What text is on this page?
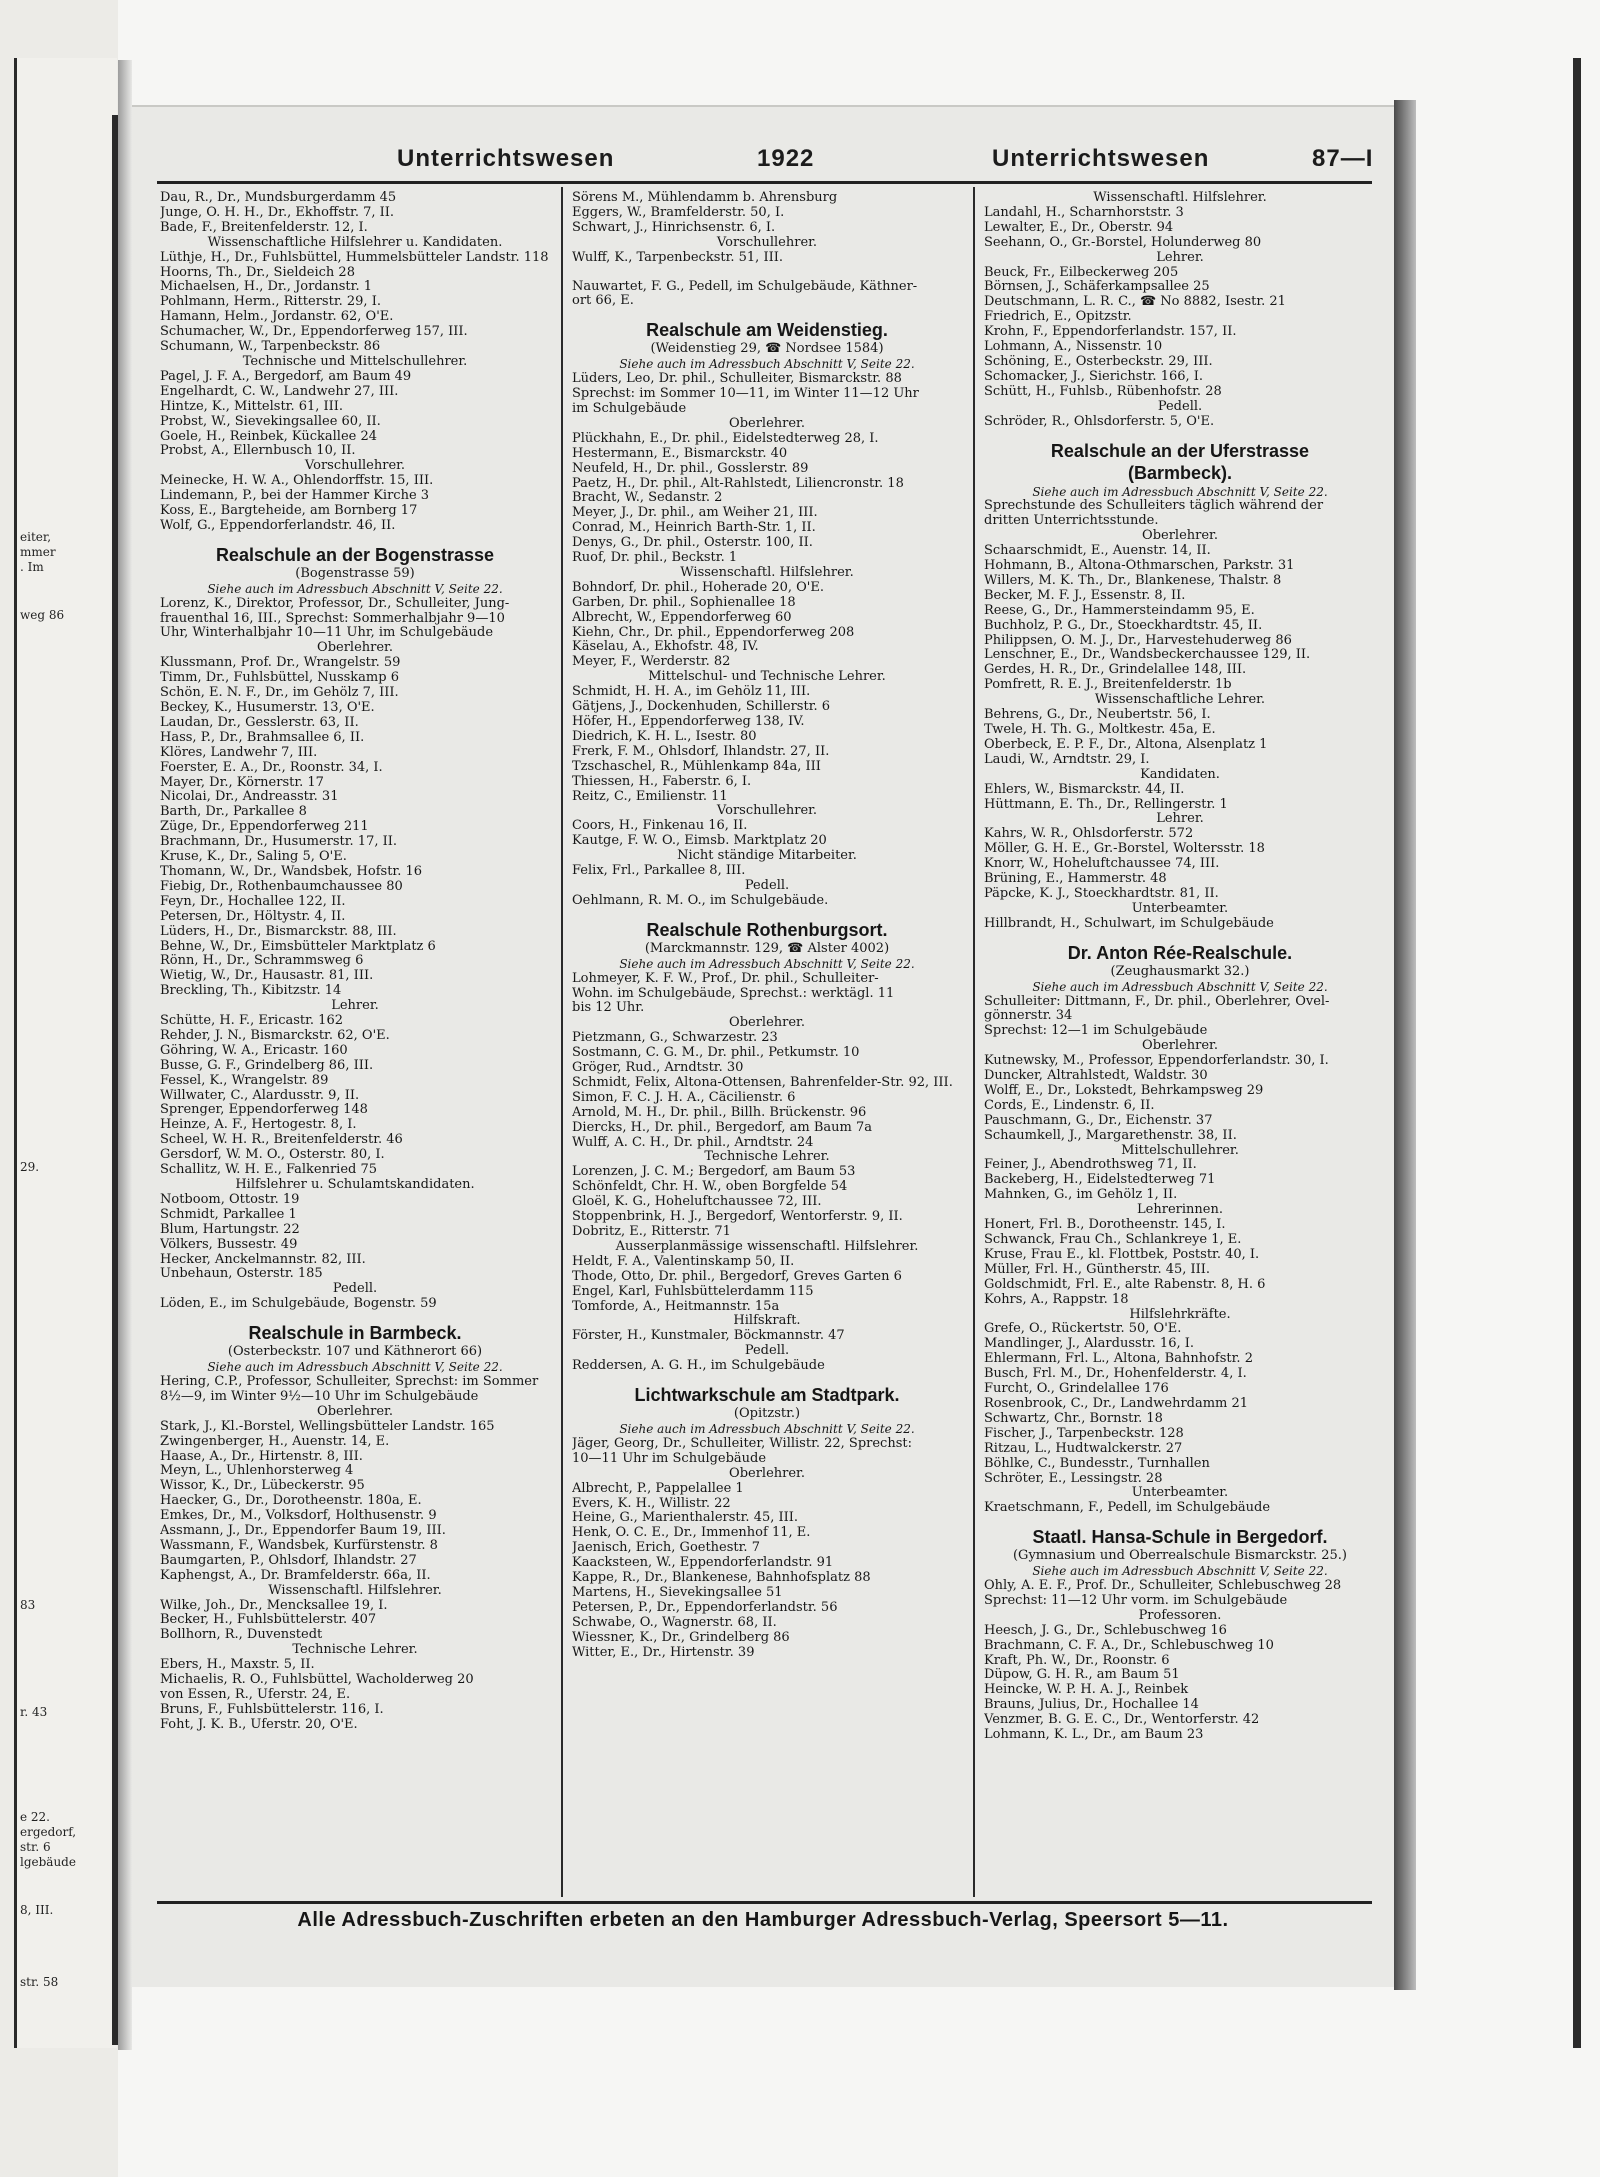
eiter,
mmer
. Im
weg 86
29.
83
r. 43
e 22.
ergedorf,
str. 6
lgebäude
8, III.
str. 58
Unterrichtswesen	1922	Unterrichtswesen	87—I
Dau, R., Dr., Mundsburgerdamm 45
Junge, O. H. H., Dr., Ekhoffstr. 7, II.
Bade, F., Breitenfelderstr. 12, I.
Wissenschaftliche Hilfslehrer u. Kandidaten.
Lüthje, H., Dr., Fuhlsbüttel, Hummelsbütteler Landstr. 118
Hoorns, Th., Dr., Sieldeich 28
Michaelsen, H., Dr., Jordanstr. 1
Pohlmann, Herm., Ritterstr. 29, I.
Hamann, Helm., Jordanstr. 62, O'E.
Schumacher, W., Dr., Eppendorferweg 157, III.
Schumann, W., Tarpenbeckstr. 86
Technische und Mittelschullehrer.
Pagel, J. F. A., Bergedorf, am Baum 49
Engelhardt, C. W., Landwehr 27, III.
Hintze, K., Mittelstr. 61, III.
Probst, W., Sievekingsallee 60, II.
Goele, H., Reinbek, Kückallee 24
Probst, A., Ellernbusch 10, II.
Vorschullehrer.
Meinecke, H. W. A., Ohlendorffstr. 15, III.
Lindemann, P., bei der Hammer Kirche 3
Koss, E., Bargteheide, am Bornberg 17
Wolf, G., Eppendorferlandstr. 46, II.
Realschule an der Bogenstrasse
(Bogenstrasse 59)
Siehe auch im Adressbuch Abschnitt V, Seite 22.
Lorenz, K., Direktor, Professor, Dr., Schulleiter, Jung-
frauenthal 16, III., Sprechst: Sommerhalbjahr 9—10
Uhr, Winterhalbjahr 10—11 Uhr, im Schulgebäude
Oberlehrer.
Klussmann, Prof. Dr., Wrangelstr. 59
Timm, Dr., Fuhlsbüttel, Nusskamp 6
Schön, E. N. F., Dr., im Gehölz 7, III.
Beckey, K., Husumerstr. 13, O'E.
Laudan, Dr., Gesslerstr. 63, II.
Hass, P., Dr., Brahmsallee 6, II.
Klöres, Landwehr 7, III.
Foerster, E. A., Dr., Roonstr. 34, I.
Mayer, Dr., Körnerstr. 17
Nicolai, Dr., Andreasstr. 31
Barth, Dr., Parkallee 8
Züge, Dr., Eppendorferweg 211
Brachmann, Dr., Husumerstr. 17, II.
Kruse, K., Dr., Saling 5, O'E.
Thomann, W., Dr., Wandsbek, Hofstr. 16
Fiebig, Dr., Rothenbaumchaussee 80
Feyn, Dr., Hochallee 122, II.
Petersen, Dr., Höltystr. 4, II.
Lüders, H., Dr., Bismarckstr. 88, III.
Behne, W., Dr., Eimsbütteler Marktplatz 6
Rönn, H., Dr., Schrammsweg 6
Wietig, W., Dr., Hausastr. 81, III.
Breckling, Th., Kibitzstr. 14
Lehrer.
Schütte, H. F., Ericastr. 162
Rehder, J. N., Bismarckstr. 62, O'E.
Göhring, W. A., Ericastr. 160
Busse, G. F., Grindelberg 86, III.
Fessel, K., Wrangelstr. 89
Willwater, C., Alardusstr. 9, II.
Sprenger, Eppendorferweg 148
Heinze, A. F., Hertogestr. 8, I.
Scheel, W. H. R., Breitenfelderstr. 46
Gersdorf, W. M. O., Osterstr. 80, I.
Schallitz, W. H. E., Falkenried 75
Hilfslehrer u. Schulamtskandidaten.
Notboom, Ottostr. 19
Schmidt, Parkallee 1
Blum, Hartungstr. 22
Völkers, Bussestr. 49
Hecker, Anckelmannstr. 82, III.
Unbehaun, Osterstr. 185
Pedell.
Löden, E., im Schulgebäude, Bogenstr. 59
Realschule in Barmbeck.
(Osterbeckstr. 107 und Käthnerort 66)
Siehe auch im Adressbuch Abschnitt V, Seite 22.
Hering, C.P., Professor, Schulleiter, Sprechst: im Sommer
8½—9, im Winter 9½—10 Uhr im Schulgebäude
Oberlehrer.
Stark, J., Kl.-Borstel, Wellingsbütteler Landstr. 165
Zwingenberger, H., Auenstr. 14, E.
Haase, A., Dr., Hirtenstr. 8, III.
Meyn, L., Uhlenhorsterweg 4
Wissor, K., Dr., Lübeckerstr. 95
Haecker, G., Dr., Dorotheenstr. 180a, E.
Emkes, Dr., M., Volksdorf, Holthusenstr. 9
Assmann, J., Dr., Eppendorfer Baum 19, III.
Wassmann, F., Wandsbek, Kurfürstenstr. 8
Baumgarten, P., Ohlsdorf, Ihlandstr. 27
Kaphengst, A., Dr. Bramfelderstr. 66a, II.
Wissenschaftl. Hilfslehrer.
Wilke, Joh., Dr., Mencksallee 19, I.
Becker, H., Fuhlsbüttelerstr. 407
Bollhorn, R., Duvenstedt
Technische Lehrer.
Ebers, H., Maxstr. 5, II.
Michaelis, R. O., Fuhlsbüttel, Wacholderweg 20
von Essen, R., Uferstr. 24, E.
Bruns, F., Fuhlsbüttelerstr. 116, I.
Foht, J. K. B., Uferstr. 20, O'E.
Sörens M., Mühlendamm b. Ahrensburg
Eggers, W., Bramfelderstr. 50, I.
Schwart, J., Hinrichsenstr. 6, I.
Vorschullehrer.
Wulff, K., Tarpenbeckstr. 51, III.
Nauwartet, F. G., Pedell, im Schulgebäude, Käthner-
ort 66, E.
Realschule am Weidenstieg.
(Weidenstieg 29, ☎ Nordsee 1584)
Siehe auch im Adressbuch Abschnitt V, Seite 22.
Lüders, Leo, Dr. phil., Schulleiter, Bismarckstr. 88
Sprechst: im Sommer 10—11, im Winter 11—12 Uhr
im Schulgebäude
Oberlehrer.
Plückhahn, E., Dr. phil., Eidelstedterweg 28, I.
Hestermann, E., Bismarckstr. 40
Neufeld, H., Dr. phil., Gosslerstr. 89
Paetz, H., Dr. phil., Alt-Rahlstedt, Liliencronstr. 18
Bracht, W., Sedanstr. 2
Meyer, J., Dr. phil., am Weiher 21, III.
Conrad, M., Heinrich Barth-Str. 1, II.
Denys, G., Dr. phil., Osterstr. 100, II.
Ruof, Dr. phil., Beckstr. 1
Wissenschaftl. Hilfslehrer.
Bohndorf, Dr. phil., Hoherade 20, O'E.
Garben, Dr. phil., Sophienallee 18
Albrecht, W., Eppendorferweg 60
Kiehn, Chr., Dr. phil., Eppendorferweg 208
Käselau, A., Ekhofstr. 48, IV.
Meyer, F., Werderstr. 82
Mittelschul- und Technische Lehrer.
Schmidt, H. H. A., im Gehölz 11, III.
Gätjens, J., Dockenhuden, Schillerstr. 6
Höfer, H., Eppendorferweg 138, IV.
Diedrich, K. H. L., Isestr. 80
Frerk, F. M., Ohlsdorf, Ihlandstr. 27, II.
Tzschaschel, R., Mühlenkamp 84a, III
Thiessen, H., Faberstr. 6, I.
Reitz, C., Emilienstr. 11
Vorschullehrer.
Coors, H., Finkenau 16, II.
Kautge, F. W. O., Eimsb. Marktplatz 20
Nicht ständige Mitarbeiter.
Felix, Frl., Parkallee 8, III.
Pedell.
Oehlmann, R. M. O., im Schulgebäude.
Realschule Rothenburgsort.
(Marckmannstr. 129, ☎ Alster 4002)
Siehe auch im Adressbuch Abschnitt V, Seite 22.
Lohmeyer, K. F. W., Prof., Dr. phil., Schulleiter-
Wohn. im Schulgebäude, Sprechst.: werktägl. 11
bis 12 Uhr.
Oberlehrer.
Pietzmann, G., Schwarzestr. 23
Sostmann, C. G. M., Dr. phil., Petkumstr. 10
Gröger, Rud., Arndtstr. 30
Schmidt, Felix, Altona-Ottensen, Bahrenfelder-Str. 92, III.
Simon, F. C. J. H. A., Cäcilienstr. 6
Arnold, M. H., Dr. phil., Billh. Brückenstr. 96
Diercks, H., Dr. phil., Bergedorf, am Baum 7a
Wulff, A. C. H., Dr. phil., Arndtstr. 24
Technische Lehrer.
Lorenzen, J. C. M.; Bergedorf, am Baum 53
Schönfeldt, Chr. H. W., oben Borgfelde 54
Gloël, K. G., Hoheluftchaussee 72, III.
Stoppenbrink, H. J., Bergedorf, Wentorferstr. 9, II.
Dobritz, E., Ritterstr. 71
Ausserplanmässige wissenschaftl. Hilfslehrer.
Heldt, F. A., Valentinskamp 50, II.
Thode, Otto, Dr. phil., Bergedorf, Greves Garten 6
Engel, Karl, Fuhlsbüttelerdamm 115
Tomforde, A., Heitmannstr. 15a
Hilfskraft.
Förster, H., Kunstmaler, Böckmannstr. 47
Pedell.
Reddersen, A. G. H., im Schulgebäude
Lichtwarkschule am Stadtpark.
(Opitzstr.)
Siehe auch im Adressbuch Abschnitt V, Seite 22.
Jäger, Georg, Dr., Schulleiter, Willistr. 22, Sprechst:
10—11 Uhr im Schulgebäude
Oberlehrer.
Albrecht, P., Pappelallee 1
Evers, K. H., Willistr. 22
Heine, G., Marienthalerstr. 45, III.
Henk, O. C. E., Dr., Immenhof 11, E.
Jaenisch, Erich, Goethestr. 7
Kaacksteen, W., Eppendorferlandstr. 91
Kappe, R., Dr., Blankenese, Bahnhofsplatz 88
Martens, H., Sievekingsallee 51
Petersen, P., Dr., Eppendorferlandstr. 56
Schwabe, O., Wagnerstr. 68, II.
Wiessner, K., Dr., Grindelberg 86
Witter, E., Dr., Hirtenstr. 39
Wissenschaftl. Hilfslehrer.
Landahl, H., Scharnhorststr. 3
Lewalter, E., Dr., Oberstr. 94
Seehann, O., Gr.-Borstel, Holunderweg 80
Lehrer.
Beuck, Fr., Eilbeckerweg 205
Börnsen, J., Schäferkampsallee 25
Deutschmann, L. R. C., ☎ No 8882, Isestr. 21
Friedrich, E., Opitzstr.
Krohn, F., Eppendorferlandstr. 157, II.
Lohmann, A., Nissenstr. 10
Schöning, E., Osterbeckstr. 29, III.
Schomacker, J., Sierichstr. 166, I.
Schütt, H., Fuhlsb., Rübenhofstr. 28
Pedell.
Schröder, R., Ohlsdorferstr. 5, O'E.
Realschule an der Uferstrasse
(Barmbeck).
Siehe auch im Adressbuch Abschnitt V, Seite 22.
Sprechstunde des Schulleiters täglich während der
dritten Unterrichtsstunde.
Oberlehrer.
Schaarschmidt, E., Auenstr. 14, II.
Hohmann, B., Altona-Othmarschen, Parkstr. 31
Willers, M. K. Th., Dr., Blankenese, Thalstr. 8
Becker, M. F. J., Essenstr. 8, II.
Reese, G., Dr., Hammersteindamm 95, E.
Buchholz, P. G., Dr., Stoeckhardtstr. 45, II.
Philippsen, O. M. J., Dr., Harvestehuderweg 86
Lenschner, E., Dr., Wandsbeckerchaussee 129, II.
Gerdes, H. R., Dr., Grindelallee 148, III.
Pomfrett, R. E. J., Breitenfelderstr. 1b
Wissenschaftliche Lehrer.
Behrens, G., Dr., Neubertstr. 56, I.
Twele, H. Th. G., Moltkestr. 45a, E.
Oberbeck, E. P. F., Dr., Altona, Alsenplatz 1
Laudi, W., Arndtstr. 29, I.
Kandidaten.
Ehlers, W., Bismarckstr. 44, II.
Hüttmann, E. Th., Dr., Rellingerstr. 1
Lehrer.
Kahrs, W. R., Ohlsdorferstr. 572
Möller, G. H. E., Gr.-Borstel, Woltersstr. 18
Knorr, W., Hoheluftchaussee 74, III.
Brüning, E., Hammerstr. 48
Päpcke, K. J., Stoeckhardtstr. 81, II.
Unterbeamter.
Hillbrandt, H., Schulwart, im Schulgebäude
Dr. Anton Rée-Realschule.
(Zeughausmarkt 32.)
Siehe auch im Adressbuch Abschnitt V, Seite 22.
Schulleiter: Dittmann, F., Dr. phil., Oberlehrer, Övel-
gönnerstr. 34
Sprechst: 12—1 im Schulgebäude
Oberlehrer.
Kutnewsky, M., Professor, Eppendorferlandstr. 30, I.
Duncker, Altrahlstedt, Waldstr. 30
Wolff, E., Dr., Lokstedt, Behrkampsweg 29
Cords, E., Lindenstr. 6, II.
Pauschmann, G., Dr., Eichenstr. 37
Schaumkell, J., Margarethenstr. 38, II.
Mittelschullehrer.
Feiner, J., Abendrothsweg 71, II.
Backeberg, H., Eidelstedterweg 71
Mahnken, G., im Gehölz 1, II.
Lehrerinnen.
Honert, Frl. B., Dorotheenstr. 145, I.
Schwanck, Frau Ch., Schlankreye 1, E.
Kruse, Frau E., kl. Flottbek, Poststr. 40, I.
Müller, Frl. H., Güntherstr. 45, III.
Goldschmidt, Frl. E., alte Rabenstr. 8, H. 6
Kohrs, A., Rappstr. 18
Hilfslehrkräfte.
Grefe, O., Rückertstr. 50, O'E.
Mandlinger, J., Alardusstr. 16, I.
Ehlermann, Frl. L., Altona, Bahnhofstr. 2
Busch, Frl. M., Dr., Hohenfelderstr. 4, I.
Furcht, O., Grindelallee 176
Rosenbrook, C., Dr., Landwehrdamm 21
Schwartz, Chr., Bornstr. 18
Fischer, J., Tarpenbeckstr. 128
Ritzau, L., Hudtwalckerstr. 27
Böhlke, C., Bundesstr., Turnhallen
Schröter, E., Lessingstr. 28
Unterbeamter.
Kraetschmann, F., Pedell, im Schulgebäude
Staatl. Hansa-Schule in Bergedorf.
(Gymnasium und Oberrealschule Bismarckstr. 25.)
Siehe auch im Adressbuch Abschnitt V, Seite 22.
Ohly, A. E. F., Prof. Dr., Schulleiter, Schlebuschweg 28
Sprechst: 11—12 Uhr vorm. im Schulgebäude
Professoren.
Heesch, J. G., Dr., Schlebuschweg 16
Brachmann, C. F. A., Dr., Schlebuschweg 10
Kraft, Ph. W., Dr., Roonstr. 6
Düpow, G. H. R., am Baum 51
Heincke, W. P. H. A. J., Reinbek
Brauns, Julius, Dr., Hochallee 14
Venzmer, B. G. E. C., Dr., Wentorferstr. 42
Lohmann, K. L., Dr., am Baum 23
Alle Adressbuch-Zuschriften erbeten an den Hamburger Adressbuch-Verlag, Speersort 5—11.
